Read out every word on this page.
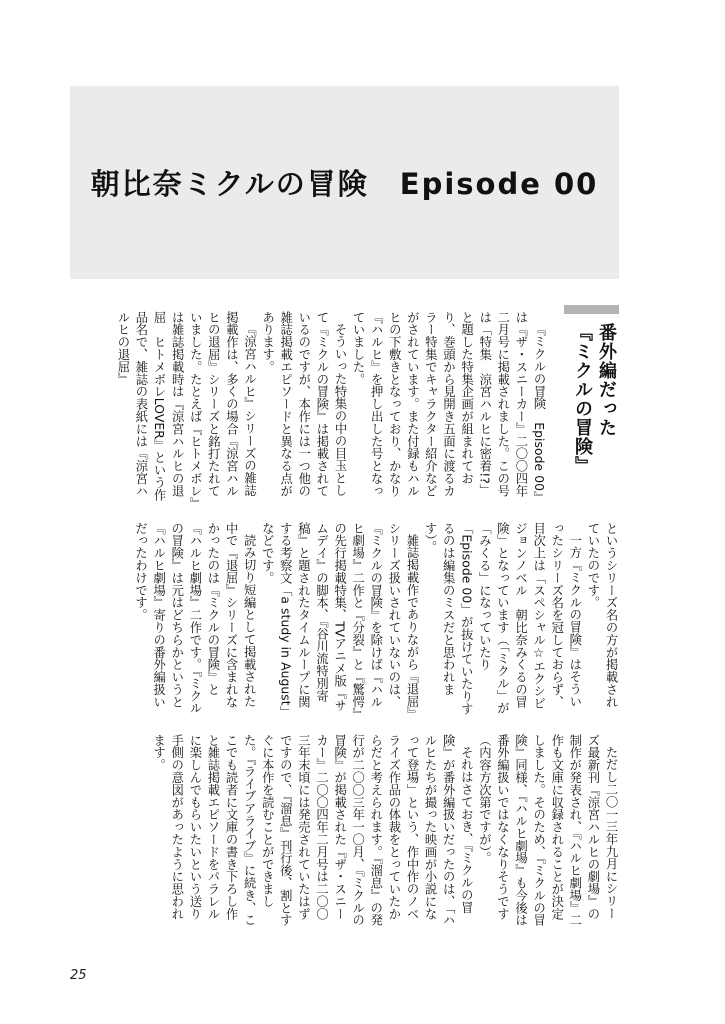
朝比奈ミクルの冒険　Episode 00
番外編だった
『ミクルの冒険』

『ミクルの冒険　Episode 00』は『ザ・スニーカー』二〇〇四年二月号に掲載されました。この号は「特集　涼宮ハルヒに密着!?」と題した特集企画が組まれており、巻頭から見開き五面に渡るカラー特集でキャラクター紹介などがされています。また付録もハルヒの下敷きとなっており、かなり『ハルヒ』を押し出した号となっていました。

そういった特集の中の目玉として『ミクルの冒険』は掲載されているのですが、本作には一つ他の雑誌掲載エピソードと異なる点があります。

『涼宮ハルヒ』シリーズの雑誌掲載作は、多くの場合『涼宮ハルヒの退屈』シリーズと銘打たれていました。たとえば『ヒトメボレ』は雑誌掲載時は『涼宮ハルヒの退屈　ヒトメボレLOVER』という作品名で、雑誌の表紙には『涼宮ハルヒの退屈』

というシリーズ名の方が掲載されていたのです。

一方『ミクルの冒険』はそういったシリーズ名を冠しておらず、目次上は「スペシャル☆エクシビジョンノベル　朝比奈みくるの冒険」となっています（「ミクル」が「みくる」になっていたり「Episode 00」が抜けていたりするのは編集のミスだと思われます）。

雑誌掲載作でありながら『退屈』シリーズ扱いされていないのは、『ミクルの冒険』を除けば『ハルヒ劇場』二作と『分裂』と『驚愕』の先行掲載特集、TVアニメ版『サムデイ』の脚本、『谷川流特別寄稿』と題されたタイムループに関する考察文「a study in August」などです。

読み切り短編として掲載された中で『退屈』シリーズに含まれなかったのは『ミクルの冒険』と『ハルヒ劇場』二作です。『ミクルの冒険』は元はどちらかというと『ハルヒ劇場』寄りの番外編扱いだったわけです。

ただし二〇一三年九月にシリーズ最新刊『涼宮ハルヒの劇場』の制作が発表され、『ハルヒ劇場』二作も文庫に収録されることが決定しました。そのため、『ミクルの冒険』同様、『ハルヒ劇場』も今後は番外編扱いではなくなりそうです（内容方次第ですが）。

それはさておき、『ミクルの冒険』が番外編扱いだったのは、「ハルヒたちが撮った映画が小説になって登場」という、作中作のノベライズ作品の体裁をとっていたからだと考えられます。『溜息』の発行が二〇〇三年一〇月、『ミクルの冒険』が掲載された『ザ・スニーカー』二〇〇四年二月号は二〇〇三年末頃には発売されていたはずですので、『溜息』刊行後、割とすぐに本作を読むことができました。『ライブアライブ』に続き、ここでも読者に文庫の書き下ろし作と雑誌掲載エピソードをパラレルに楽しんでもらいたいという送り手側の意図があったように思われます。

25
